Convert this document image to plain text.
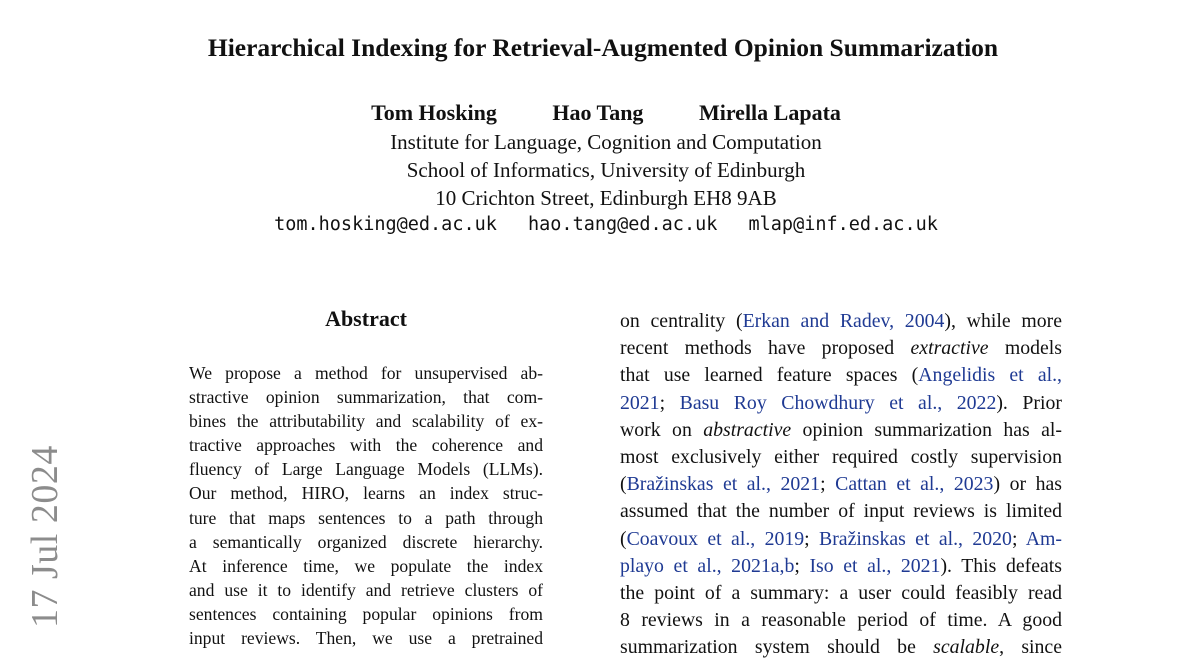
17 Jul 2024
Hierarchical Indexing for Retrieval-Augmented Opinion Summarization
Tom Hosking	Hao Tang	Mirella Lapata
Institute for Language, Cognition and Computation
School of Informatics, University of Edinburgh
10 Crichton Street, Edinburgh EH8 9AB
tom.hosking@ed.ac.uk hao.tang@ed.ac.uk mlap@inf.ed.ac.uk
Abstract
We propose a method for unsupervised ab-
stractive opinion summarization, that com-
bines the attributability and scalability of ex-
tractive approaches with the coherence and
fluency of Large Language Models (LLMs).
Our method, HIRO, learns an index struc-
ture that maps sentences to a path through
a semantically organized discrete hierarchy.
At inference time, we populate the index
and use it to identify and retrieve clusters of
sentences containing popular opinions from
input reviews. Then, we use a pretrained
on centrality (Erkan and Radev, 2004), while more
recent methods have proposed extractive models
that use learned feature spaces (Angelidis et al.,
2021; Basu Roy Chowdhury et al., 2022). Prior
work on abstractive opinion summarization has al-
most exclusively either required costly supervision
(Bražinskas et al., 2021; Cattan et al., 2023) or has
assumed that the number of input reviews is limited
(Coavoux et al., 2019; Bražinskas et al., 2020; Am-
playo et al., 2021a,b; Iso et al., 2021). This defeats
the point of a summary: a user could feasibly read
8 reviews in a reasonable period of time. A good
summarization system should be scalable, since
